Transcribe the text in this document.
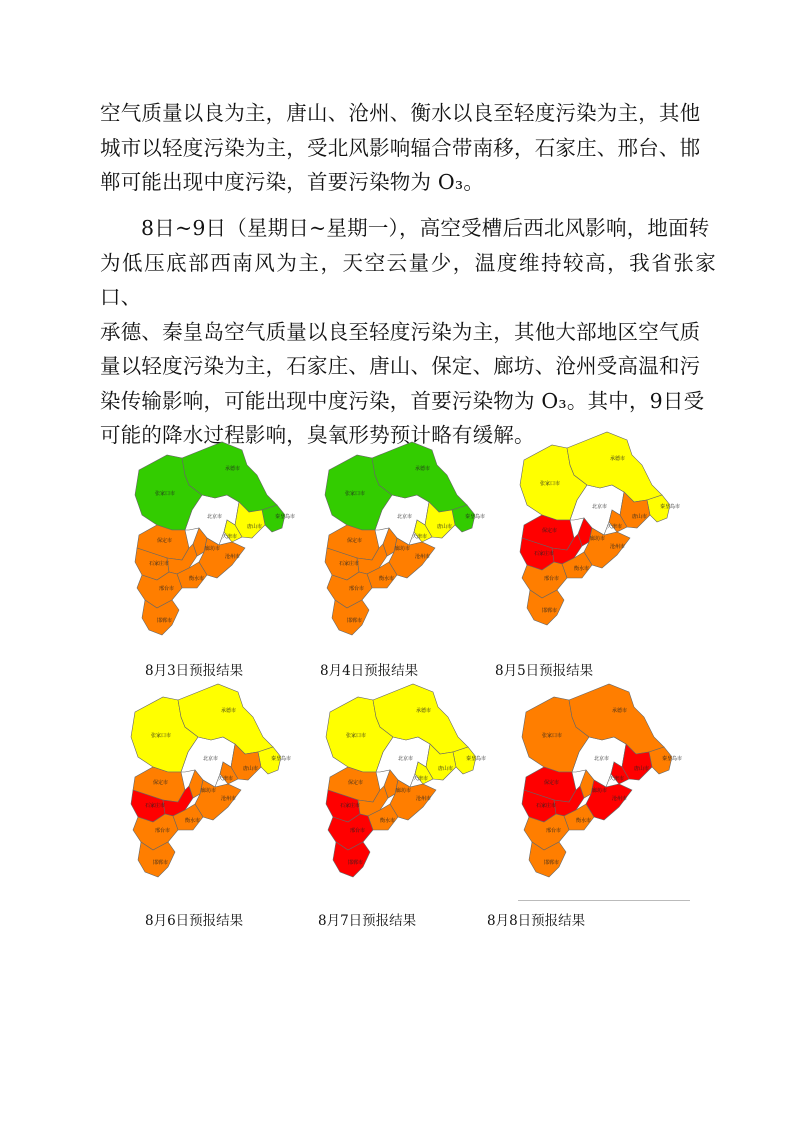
空气质量以良为主，唐山、沧州、衡水以良至轻度污染为主，其他
城市以轻度污染为主，受北风影响辐合带南移，石家庄、邢台、邯
郸可能出现中度污染，首要污染物为 O₃。

8日~9日（星期日~星期一），高空受槽后西北风影响，地面转
为低压底部西南风为主，天空云量少，温度维持较高，我省张家口、
承德、秦皇岛空气质量以良至轻度污染为主，其他大部地区空气质
量以轻度污染为主，石家庄、唐山、保定、廊坊、沧州受高温和污
染传输影响，可能出现中度污染，首要污染物为 O₃。其中，9日受
可能的降水过程影响，臭氧形势预计略有缓解。

张家口市
承德市
北京市
唐山市
秦皇岛市
天津市
保定市
廊坊市
石家庄市
沧州市
衡水市
邢台市
邯郸市
张家口市
承德市
北京市
唐山市
秦皇岛市
天津市
保定市
廊坊市
石家庄市
沧州市
衡水市
邢台市
邯郸市
张家口市
承德市
北京市
唐山市
秦皇岛市
天津市
保定市
廊坊市
石家庄市
沧州市
衡水市
邢台市
邯郸市
张家口市
承德市
北京市
唐山市
秦皇岛市
天津市
保定市
廊坊市
石家庄市
沧州市
衡水市
邢台市
邯郸市
张家口市
承德市
北京市
唐山市
秦皇岛市
天津市
保定市
廊坊市
石家庄市
沧州市
衡水市
邢台市
邯郸市
张家口市
承德市
北京市
唐山市
秦皇岛市
天津市
保定市
廊坊市
石家庄市
沧州市
衡水市
邢台市
邯郸市
8月3日预报结果	8月4日预报结果	8月5日预报结果
8月6日预报结果	8月7日预报结果	8月8日预报结果
